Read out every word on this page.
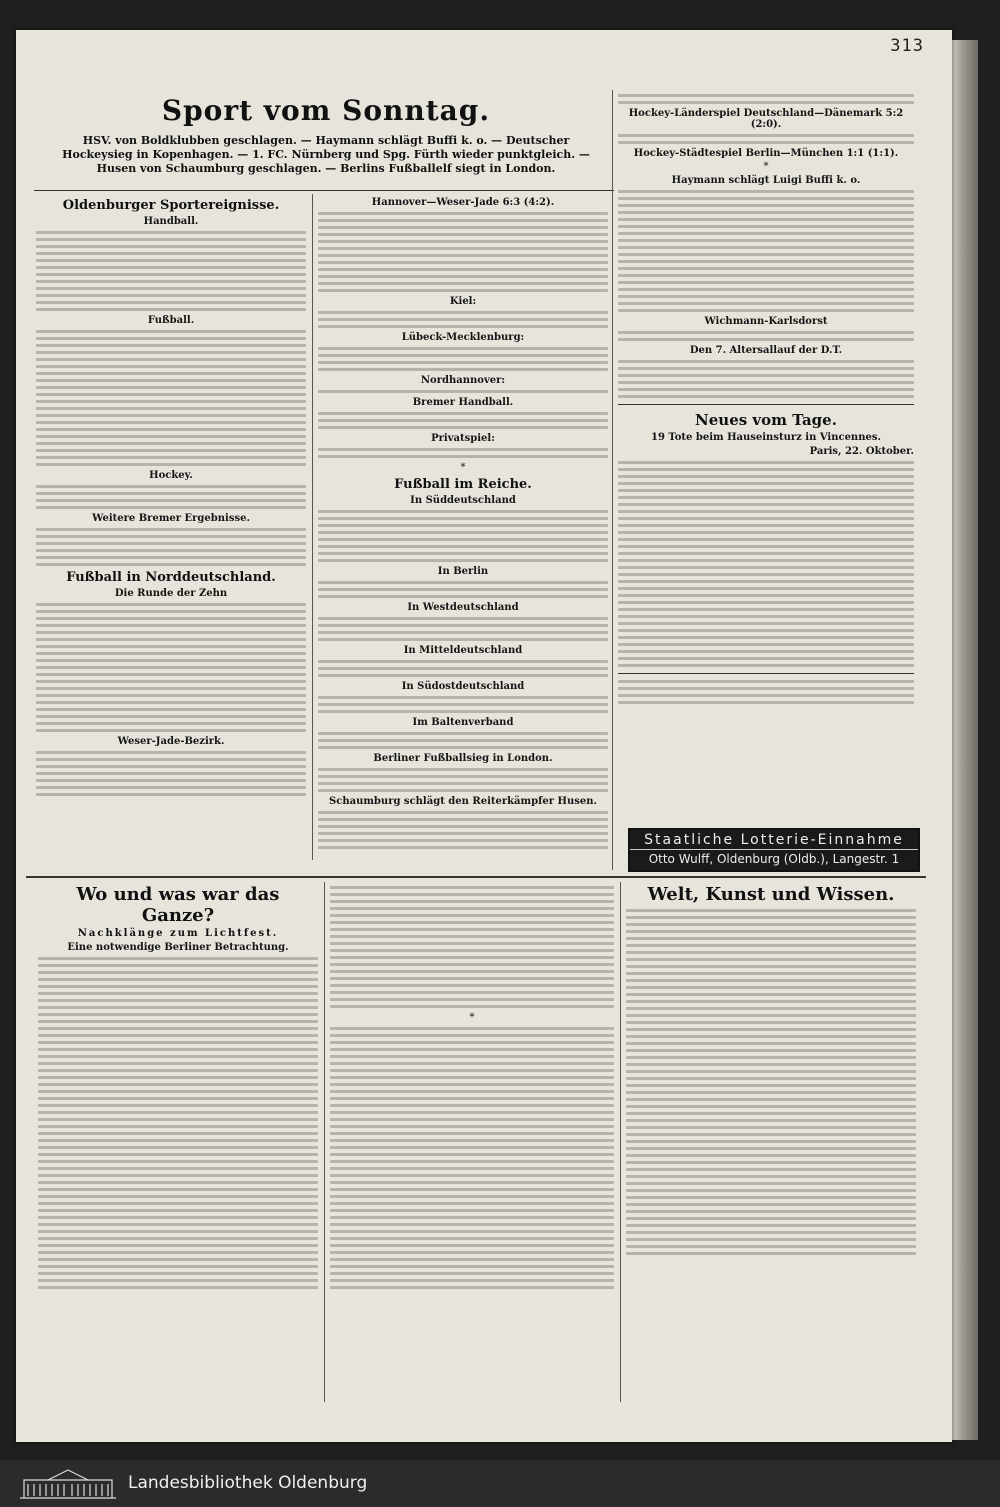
313
Sport vom Sonntag.
HSV. von Boldklubben geschlagen. — Haymann schlägt Buffi k. o. — Deutscher Hockeysieg in Kopenhagen. — 1. FC. Nürnberg und Spg. Fürth wieder punktgleich. — Husen von Schaumburg geschlagen. — Berlins Fußballelf siegt in London.
Oldenburger Sportereignisse.
Handball.
Fußball.
Hockey.
Weitere Bremer Ergebnisse.
Fußball in Norddeutschland.
Die Runde der Zehn
Weser-Jade-Bezirk.
Hannover—Weser-Jade 6:3 (4:2).
Kiel:
Lübeck-Mecklenburg:
Nordhannover:
Bremer Handball.
Privatspiel:
*
Fußball im Reiche.
In Süddeutschland
In Berlin
In Westdeutschland
In Mitteldeutschland
In Südostdeutschland
Im Baltenverband
Berliner Fußballsieg in London.
Schaumburg schlägt den Reiterkämpfer Husen.
Hockey-Länderspiel Deutschland—Dänemark 5:2 (2:0).
Hockey-Städtespiel Berlin—München 1:1 (1:1).
*
Haymann schlägt Luigi Buffi k. o.
Wichmann-Karlsdorst
Den 7. Altersallauf der D.T.
Neues vom Tage.
19 Tote beim Hauseinsturz in Vincennes.
Paris, 22. Oktober.
Staatliche Lotterie-Einnahme
Otto Wulff, Oldenburg (Oldb.), Langestr. 1
Wo und was war das Ganze?
Nachklänge zum Lichtfest.
Eine notwendige Berliner Betrachtung.
*
Welt, Kunst und Wissen.
Landesbibliothek Oldenburg
